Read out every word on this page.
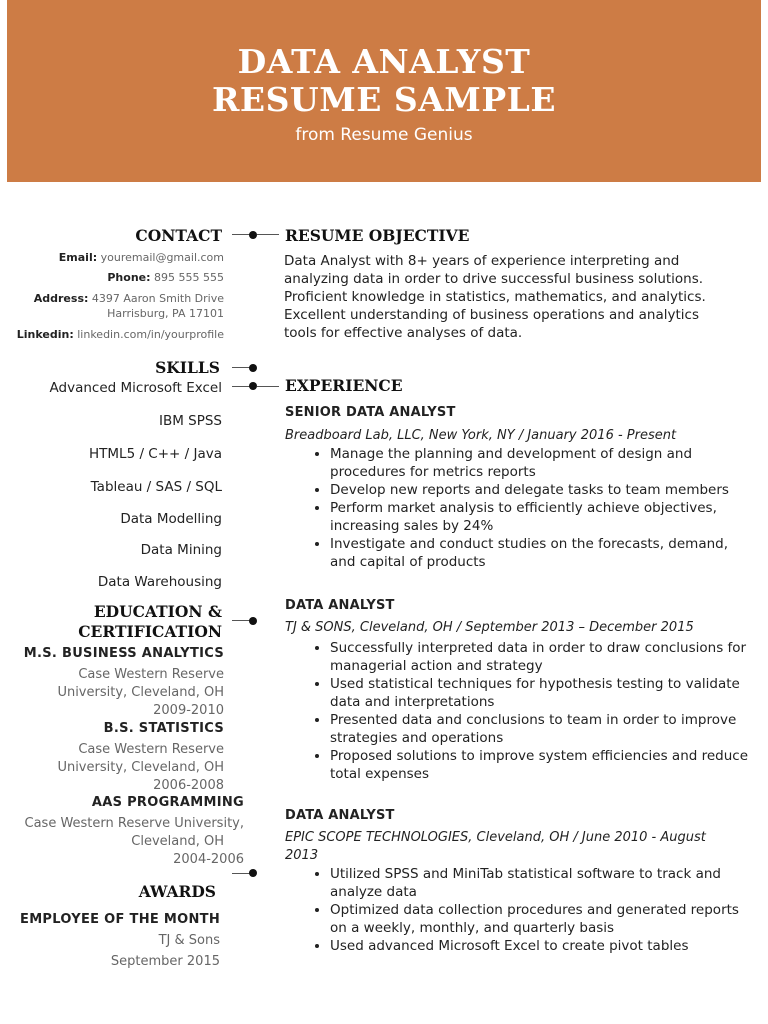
DATA ANALYST
RESUME SAMPLE
from Resume Genius
CONTACT
Email: youremail@gmail.com
Phone: 895 555 555
Address: 4397 Aaron Smith Drive
Harrisburg, PA 17101
Linkedin: linkedin.com/in/yourprofile
SKILLS
Advanced Microsoft Excel
IBM SPSS
HTML5 / C++ / Java
Tableau / SAS / SQL
Data Modelling
Data Mining
Data Warehousing
EDUCATION &
CERTIFICATION
M.S. BUSINESS ANALYTICS
Case Western Reserve
University, Cleveland, OH
2009-2010
B.S. STATISTICS
Case Western Reserve
University, Cleveland, OH
2006-2008
AAS PROGRAMMING
Case Western Reserve University,
Cleveland, OH
2004-2006
AWARDS
EMPLOYEE OF THE MONTH
TJ & Sons
September 2015
RESUME OBJECTIVE
Data Analyst with 8+ years of experience interpreting and analyzing data in order to drive successful business solutions. Proficient knowledge in statistics, mathematics, and analytics. Excellent understanding of business operations and analytics tools for effective analyses of data.
EXPERIENCE
SENIOR DATA ANALYST
Breadboard Lab, LLC, New York, NY / January 2016 - Present
• Manage the planning and development of design and procedures for metrics reports
• Develop new reports and delegate tasks to team members
• Perform market analysis to efficiently achieve objectives, increasing sales by 24%
• Investigate and conduct studies on the forecasts, demand, and capital of products
DATA ANALYST
TJ & SONS, Cleveland, OH / September 2013 – December 2015
• Successfully interpreted data in order to draw conclusions for managerial action and strategy
• Used statistical techniques for hypothesis testing to validate data and interpretations
• Presented data and conclusions to team in order to improve strategies and operations
• Proposed solutions to improve system efficiencies and reduce total expenses
DATA ANALYST
EPIC SCOPE TECHNOLOGIES, Cleveland, OH / June 2010 - August 2013
• Utilized SPSS and MiniTab statistical software to track and analyze data
• Optimized data collection procedures and generated reports on a weekly, monthly, and quarterly basis
• Used advanced Microsoft Excel to create pivot tables
